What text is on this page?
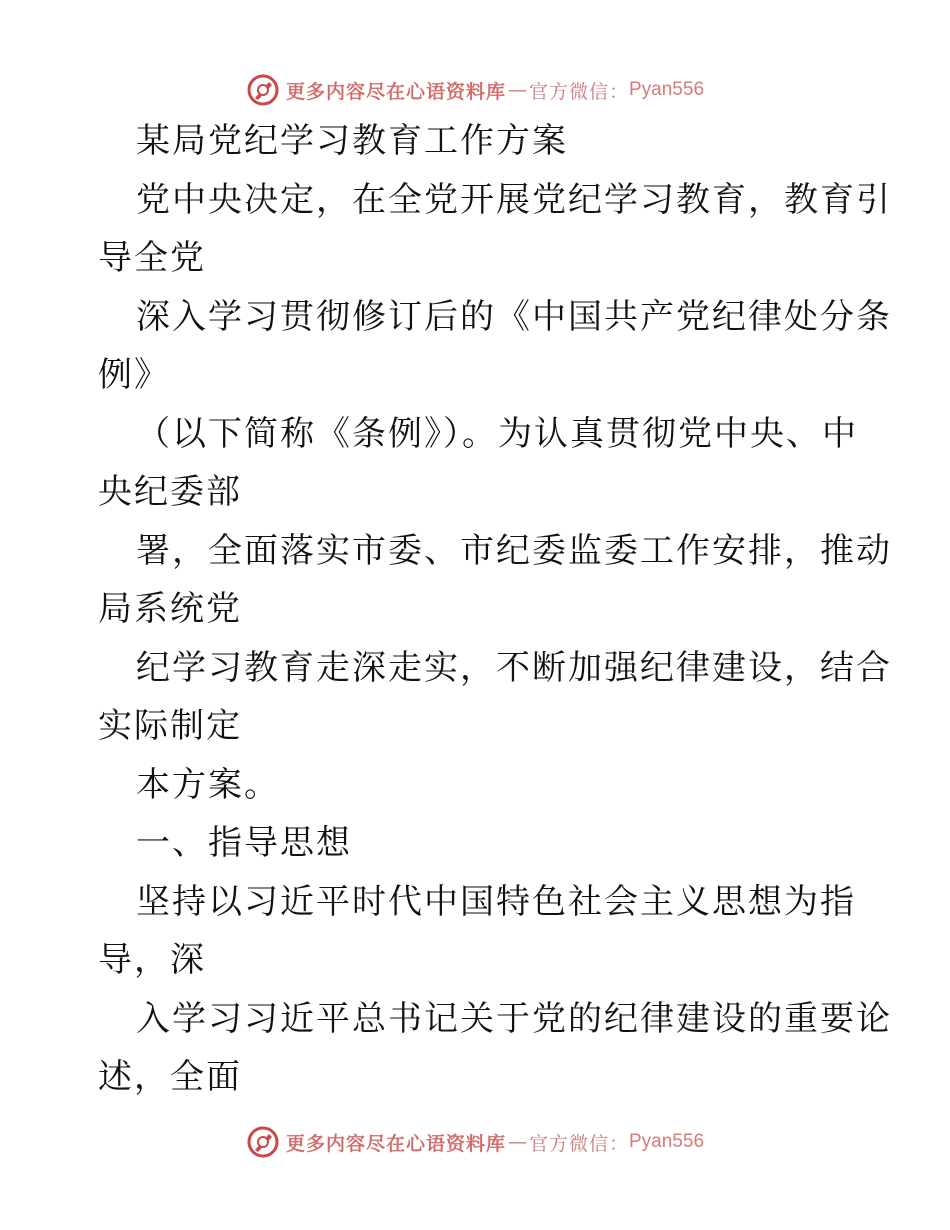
更多内容尽在心语资料库 — 官方微信： Pyan556
某局党纪学习教育工作方案
党中央决定，在全党开展党纪学习教育，教育引
导全党
深入学习贯彻修订后的《中国共产党纪律处分条
例》
（以下简称《条例》）。为认真贯彻党中央、中
央纪委部
署，全面落实市委、市纪委监委工作安排，推动
局系统党
纪学习教育走深走实，不断加强纪律建设，结合
实际制定
本方案。
一、指导思想
坚持以习近平时代中国特色社会主义思想为指
导，深
入学习习近平总书记关于党的纪律建设的重要论
述，全面
更多内容尽在心语资料库 — 官方微信： Pyan556
